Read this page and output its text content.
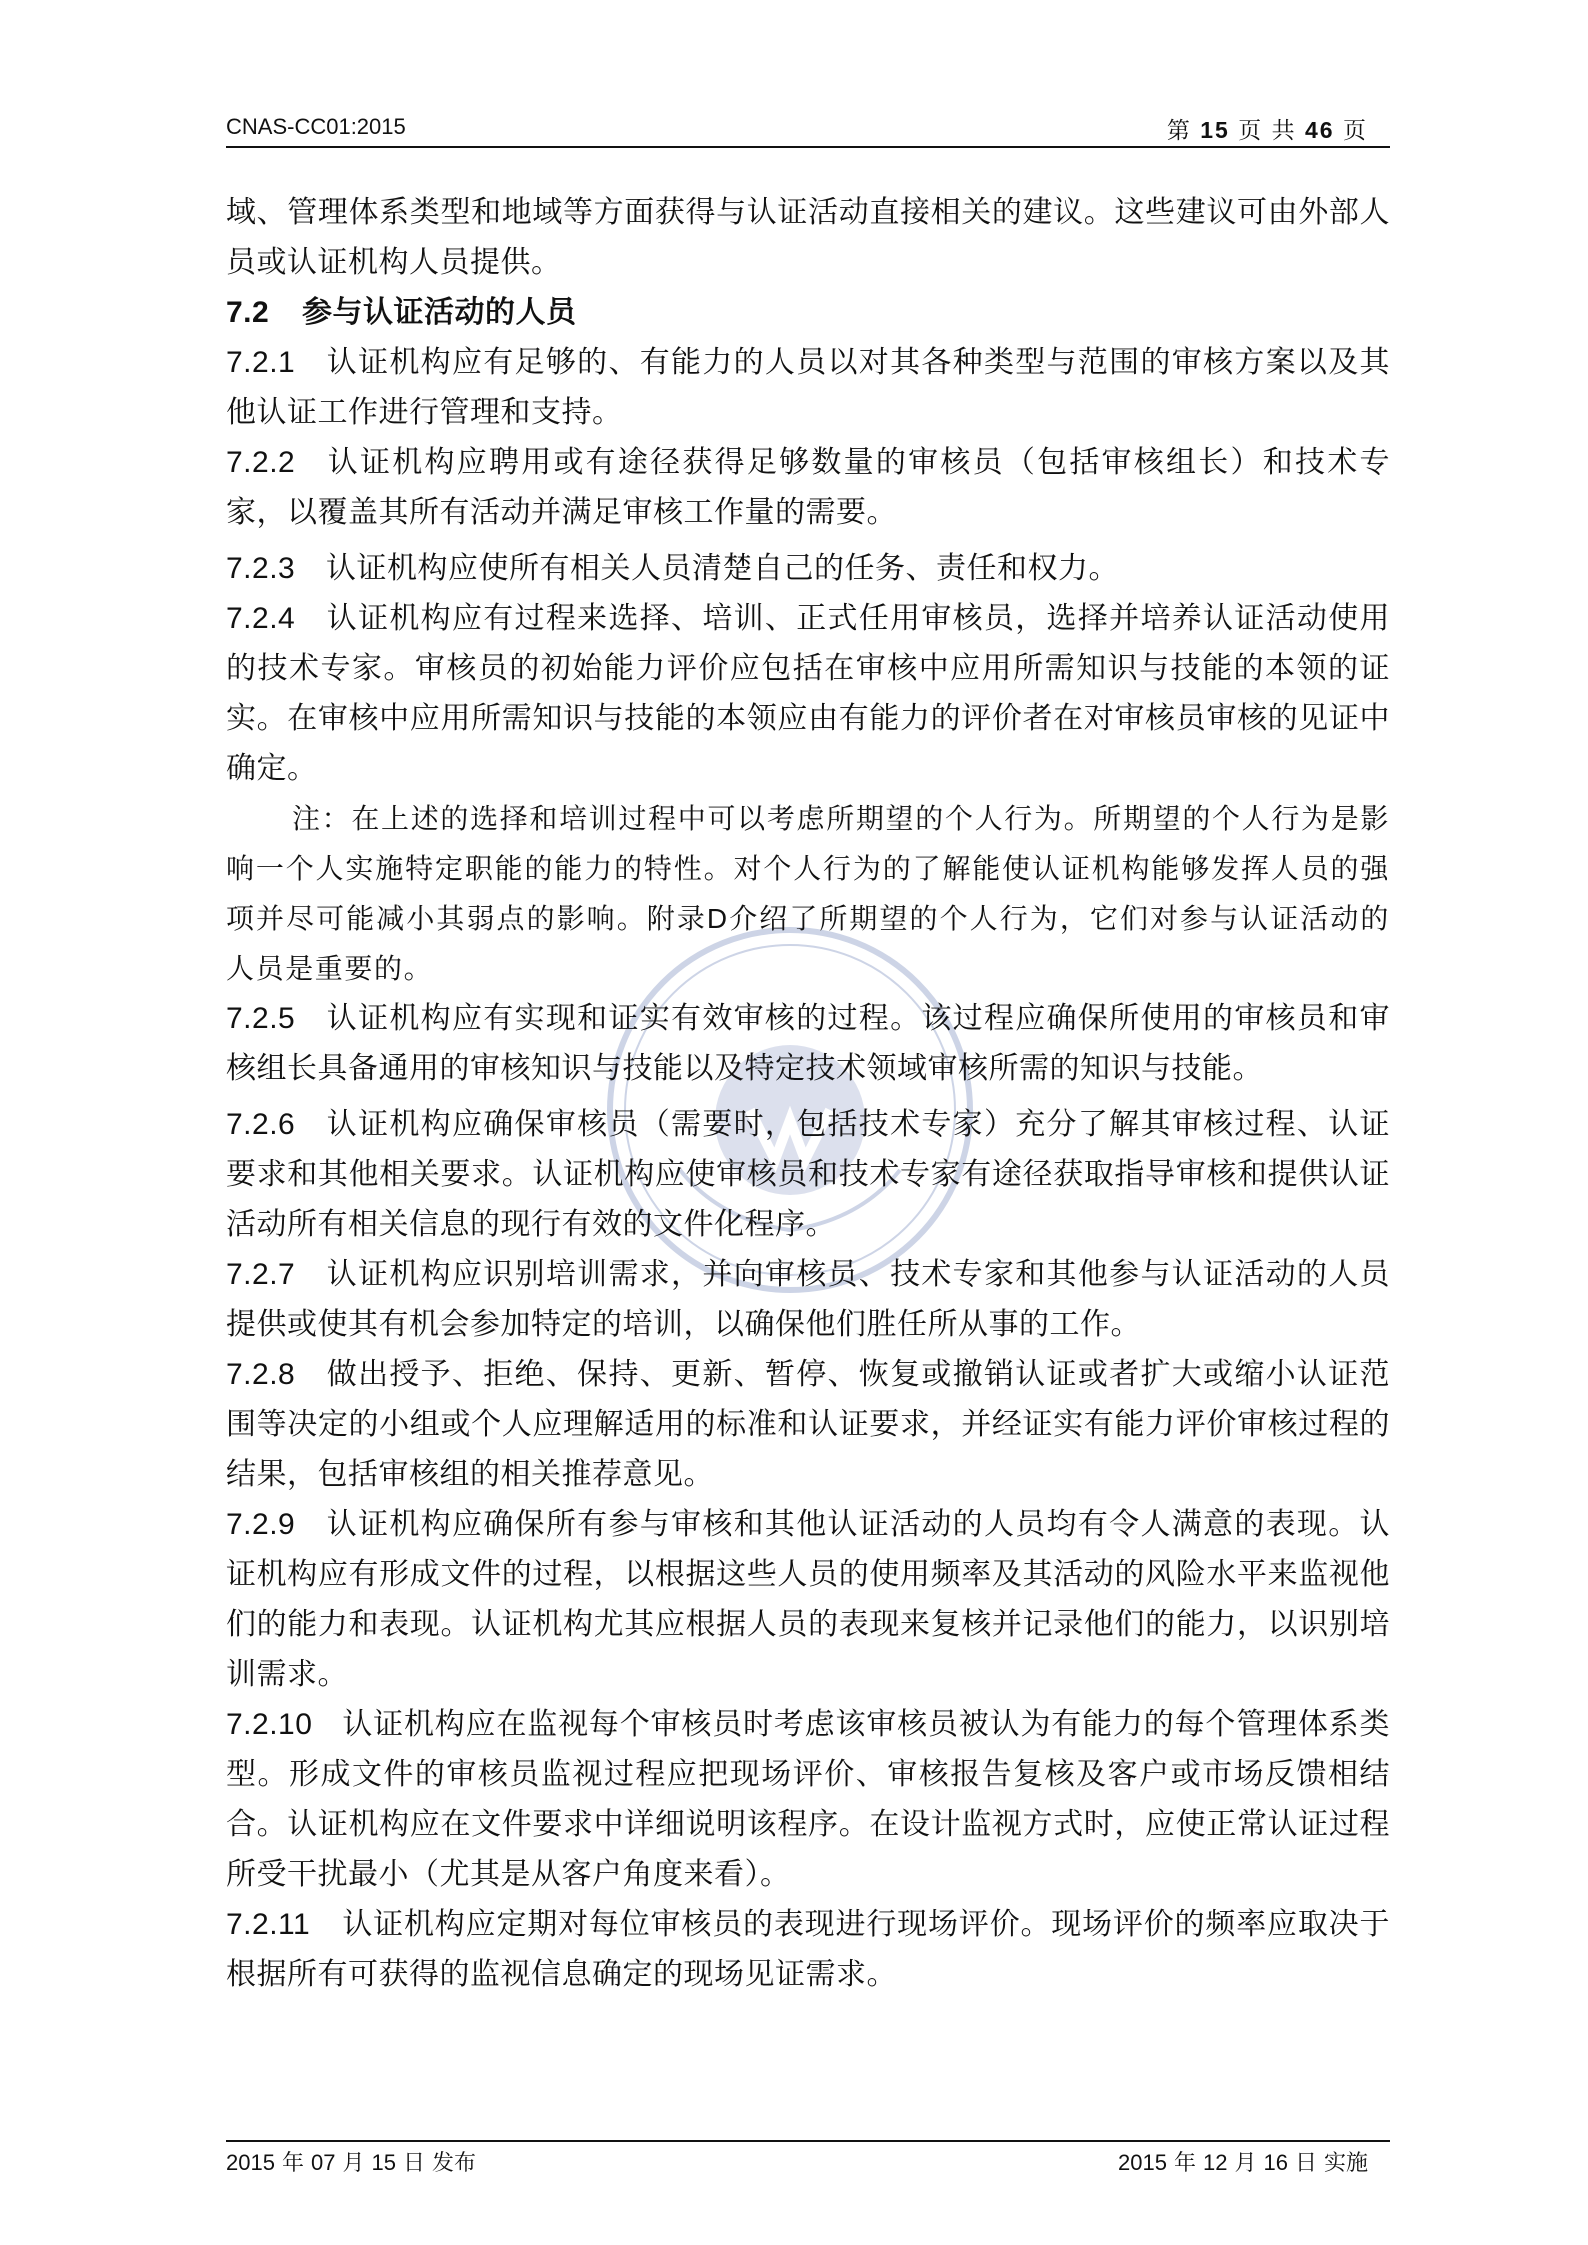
CNAS-CC01:2015	第 15 页 共 46 页

域、管理体系类型和地域等方面获得与认证活动直接相关的建议。这些建议可由外部人员或认证机构人员提供。

7.2 参与认证活动的人员

7.2.1 认证机构应有足够的、有能力的人员以对其各种类型与范围的审核方案以及其他认证工作进行管理和支持。

7.2.2 认证机构应聘用或有途径获得足够数量的审核员（包括审核组长）和技术专家，以覆盖其所有活动并满足审核工作量的需要。

7.2.3 认证机构应使所有相关人员清楚自己的任务、责任和权力。

7.2.4 认证机构应有过程来选择、培训、正式任用审核员，选择并培养认证活动使用的技术专家。审核员的初始能力评价应包括在审核中应用所需知识与技能的本领的证实。在审核中应用所需知识与技能的本领应由有能力的评价者在对审核员审核的见证中确定。

注：在上述的选择和培训过程中可以考虑所期望的个人行为。所期望的个人行为是影响一个人实施特定职能的能力的特性。对个人行为的了解能使认证机构能够发挥人员的强项并尽可能减小其弱点的影响。附录D介绍了所期望的个人行为，它们对参与认证活动的人员是重要的。

7.2.5 认证机构应有实现和证实有效审核的过程。该过程应确保所使用的审核员和审核组长具备通用的审核知识与技能以及特定技术领域审核所需的知识与技能。

7.2.6 认证机构应确保审核员（需要时，包括技术专家）充分了解其审核过程、认证要求和其他相关要求。认证机构应使审核员和技术专家有途径获取指导审核和提供认证活动所有相关信息的现行有效的文件化程序。

7.2.7 认证机构应识别培训需求，并向审核员、技术专家和其他参与认证活动的人员提供或使其有机会参加特定的培训，以确保他们胜任所从事的工作。

7.2.8 做出授予、拒绝、保持、更新、暂停、恢复或撤销认证或者扩大或缩小认证范围等决定的小组或个人应理解适用的标准和认证要求，并经证实有能力评价审核过程的结果，包括审核组的相关推荐意见。

7.2.9 认证机构应确保所有参与审核和其他认证活动的人员均有令人满意的表现。认证机构应有形成文件的过程，以根据这些人员的使用频率及其活动的风险水平来监视他们的能力和表现。认证机构尤其应根据人员的表现来复核并记录他们的能力，以识别培训需求。

7.2.10 认证机构应在监视每个审核员时考虑该审核员被认为有能力的每个管理体系类型。形成文件的审核员监视过程应把现场评价、审核报告复核及客户或市场反馈相结合。认证机构应在文件要求中详细说明该程序。在设计监视方式时，应使正常认证过程所受干扰最小（尤其是从客户角度来看）。

7.2.11 认证机构应定期对每位审核员的表现进行现场评价。现场评价的频率应取决于根据所有可获得的监视信息确定的现场见证需求。

2015 年 07 月 15 日 发布	2015 年 12 月 16 日 实施
